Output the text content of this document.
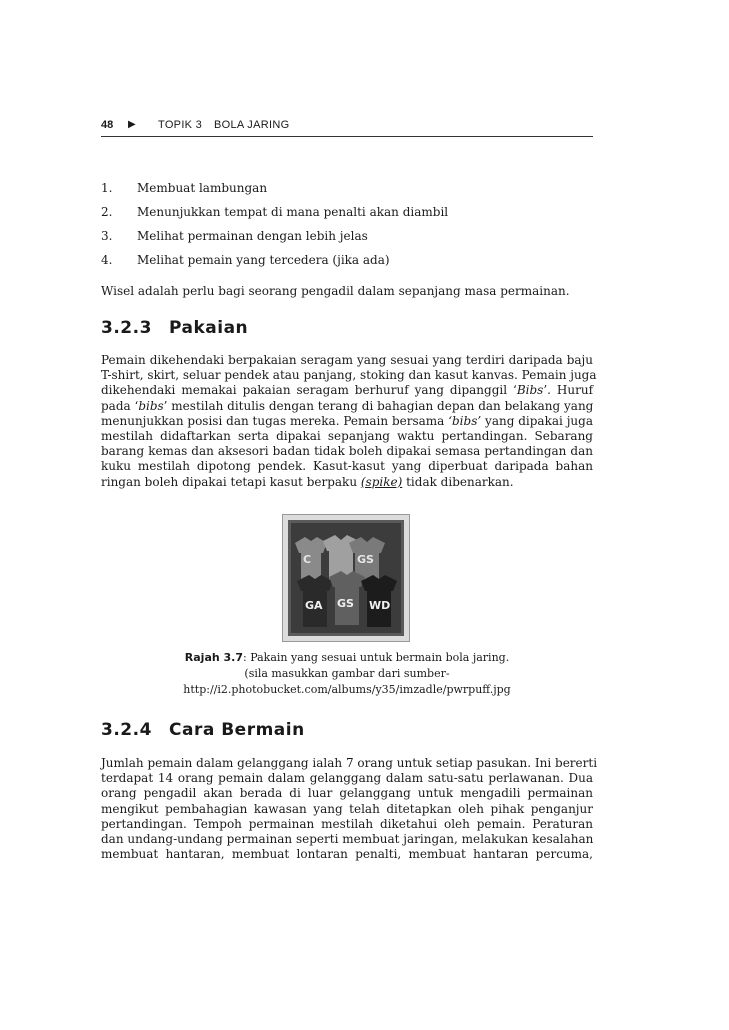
48 ▶ TOPIK 3 BOLA JARING
1. Membuat lambungan
2. Menunjukkan tempat di mana penalti akan diambil
3. Melihat permainan dengan lebih jelas
4. Melihat pemain yang tercedera (jika ada)
Wisel adalah perlu bagi seorang pengadil dalam sepanjang masa permainan.
3.2.3 Pakaian
Pemain dikehendaki berpakaian seragam yang sesuai yang terdiri daripada baju
T-shirt, skirt, seluar pendek atau panjang, stoking dan kasut kanvas. Pemain juga
dikehendaki memakai pakaian seragam berhuruf yang dipanggil ‘Bibs’. Huruf
pada ‘bibs’ mestilah ditulis dengan terang di bahagian depan dan belakang yang
menunjukkan posisi dan tugas mereka. Pemain bersama ‘bibs’ yang dipakai juga
mestilah didaftarkan serta dipakai sepanjang waktu pertandingan. Sebarang
barang kemas dan aksesori badan tidak boleh dipakai semasa pertandingan dan
kuku mestilah dipotong pendek. Kasut-kasut yang diperbuat daripada bahan
ringan boleh dipakai tetapi kasut berpaku (spike) tidak dibenarkan.
C	GS
GA GS WD
Rajah 3.7: Pakain yang sesuai untuk bermain bola jaring.
(sila masukkan gambar dari sumber-
http://i2.photobucket.com/albums/y35/imzadle/pwrpuff.jpg
3.2.4 Cara Bermain
Jumlah pemain dalam gelanggang ialah 7 orang untuk setiap pasukan. Ini bererti
terdapat 14 orang pemain dalam gelanggang dalam satu-satu perlawanan. Dua
orang pengadil akan berada di luar gelanggang untuk mengadili permainan
mengikut pembahagian kawasan yang telah ditetapkan oleh pihak penganjur
pertandingan. Tempoh permainan mestilah diketahui oleh pemain. Peraturan
dan undang-undang permainan seperti membuat jaringan, melakukan kesalahan
membuat hantaran, membuat lontaran penalti, membuat hantaran percuma,
